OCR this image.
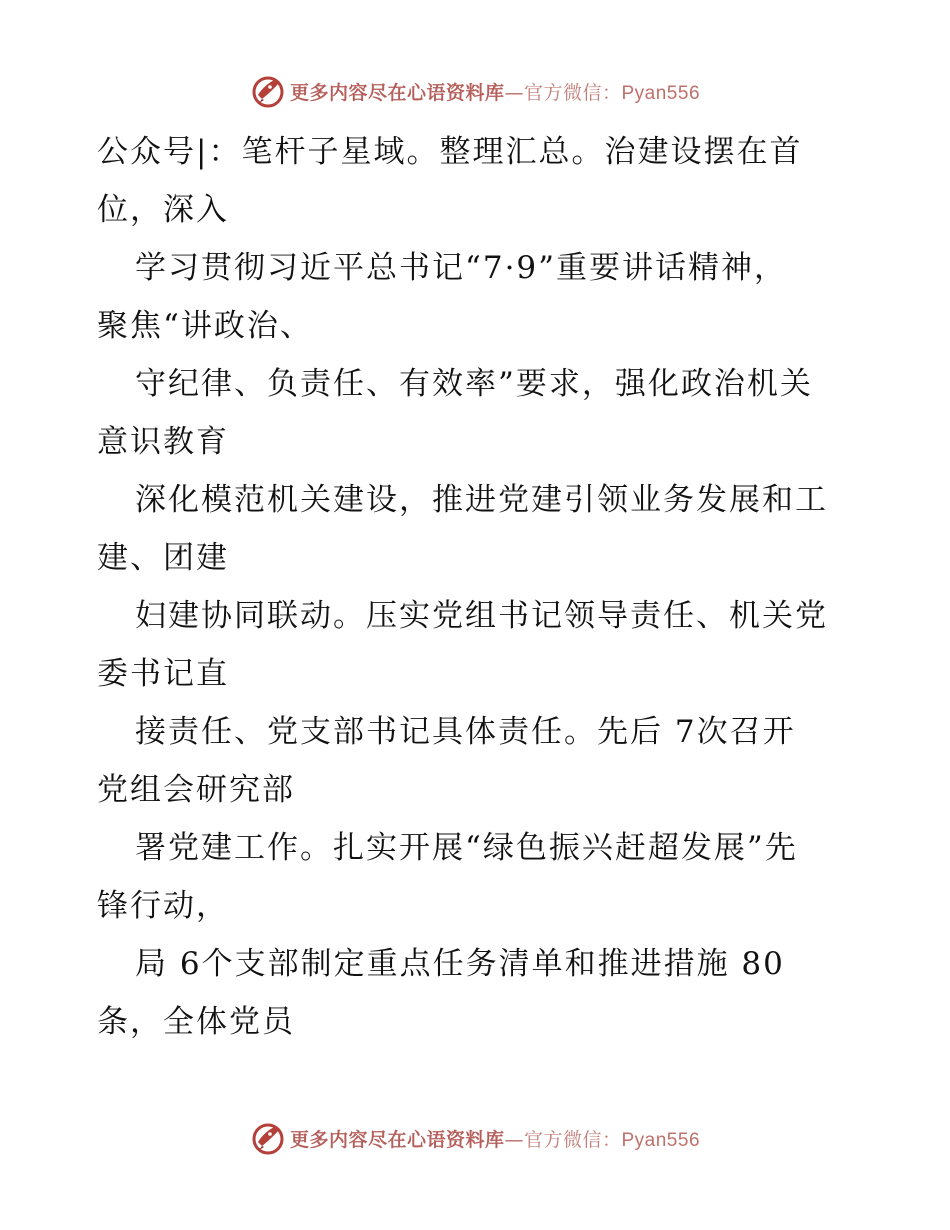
更多内容尽在心语资料库—官方微信：Pyan556
公众号|：笔杆子星域。整理汇总。治建设摆在首
位，深入
学习贯彻习近平总书记“7·9”重要讲话精神，
聚焦“讲政治、
守纪律、负责任、有效率”要求，强化政治机关
意识教育
深化模范机关建设，推进党建引领业务发展和工
建、团建
妇建协同联动。压实党组书记领导责任、机关党
委书记直
接责任、党支部书记具体责任。先后 7次召开
党组会研究部
署党建工作。扎实开展“绿色振兴赶超发展”先
锋行动，
局 6个支部制定重点任务清单和推进措施 80
条，全体党员
更多内容尽在心语资料库—官方微信：Pyan556
